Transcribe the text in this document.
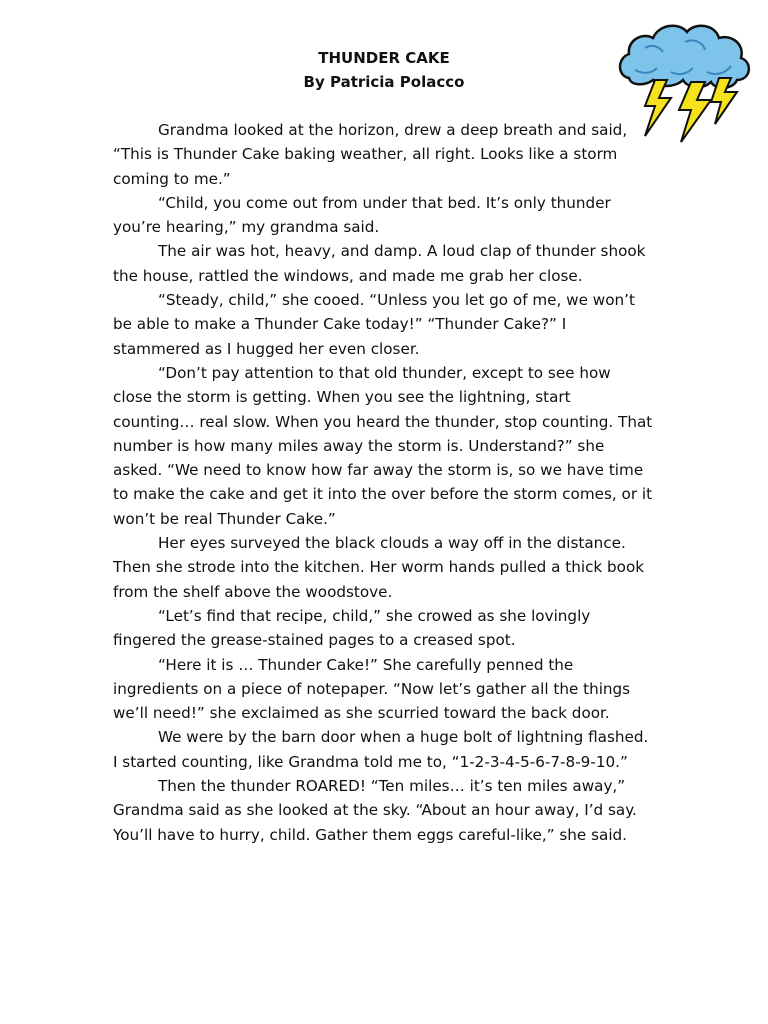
THUNDER CAKE
By Patricia Polacco

Grandma looked at the horizon, drew a deep breath and said, “This is Thunder Cake baking weather, all right. Looks like a storm coming to me.”

“Child, you come out from under that bed. It’s only thunder you’re hearing,” my grandma said.

The air was hot, heavy, and damp. A loud clap of thunder shook the house, rattled the windows, and made me grab her close.

“Steady, child,” she cooed. “Unless you let go of me, we won’t be able to make a Thunder Cake today!” “Thunder Cake?” I stammered as I hugged her even closer.

“Don’t pay attention to that old thunder, except to see how close the storm is getting. When you see the lightning, start counting… real slow. When you heard the thunder, stop counting. That number is how many miles away the storm is. Understand?” she asked. “We need to know how far away the storm is, so we have time to make the cake and get it into the over before the storm comes, or it won’t be real Thunder Cake.”

Her eyes surveyed the black clouds a way off in the distance. Then she strode into the kitchen. Her worm hands pulled a thick book from the shelf above the woodstove.

“Let’s find that recipe, child,” she crowed as she lovingly fingered the grease-stained pages to a creased spot.

“Here it is … Thunder Cake!” She carefully penned the ingredients on a piece of notepaper. “Now let’s gather all the things we’ll need!” she exclaimed as she scurried toward the back door.

We were by the barn door when a huge bolt of lightning flashed. I started counting, like Grandma told me to, “1-2-3-4-5-6-7-8-9-10.”

Then the thunder ROARED! “Ten miles… it’s ten miles away,” Grandma said as she looked at the sky. “About an hour away, I’d say. You’ll have to hurry, child. Gather them eggs careful-like,” she said.
